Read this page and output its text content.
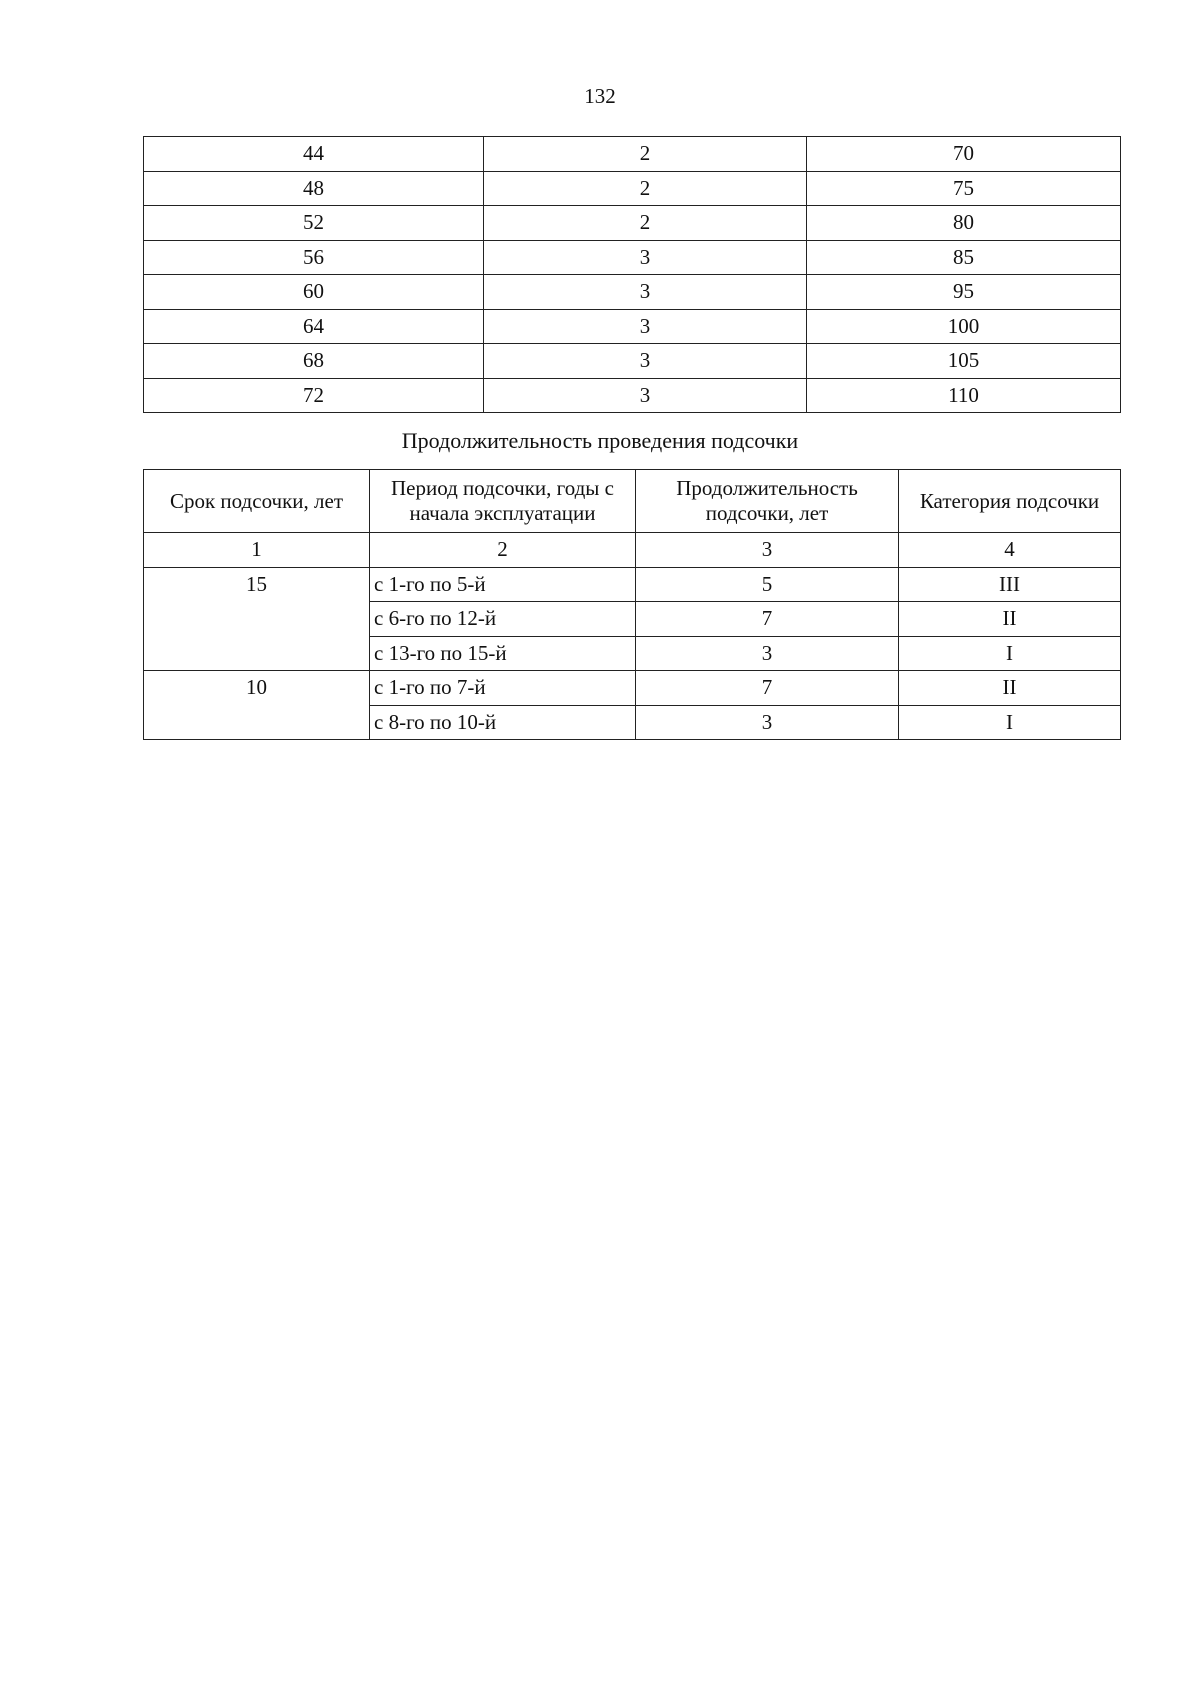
132
44	2	70
48	2	75
52	2	80
56	3	85
60	3	95
64	3	100
68	3	105
72	3	110
Продолжительность проведения подсочки
Срок подсочки, лет	Период подсочки, годы с начала эксплуатации	Продолжительность подсочки, лет	Категория подсочки
1	2	3	4
15	с 1-го по 5-й	5	III
	с 6-го по 12-й	7	II
	с 13-го по 15-й	3	I
10	с 1-го по 7-й	7	II
	с 8-го по 10-й	3	I
